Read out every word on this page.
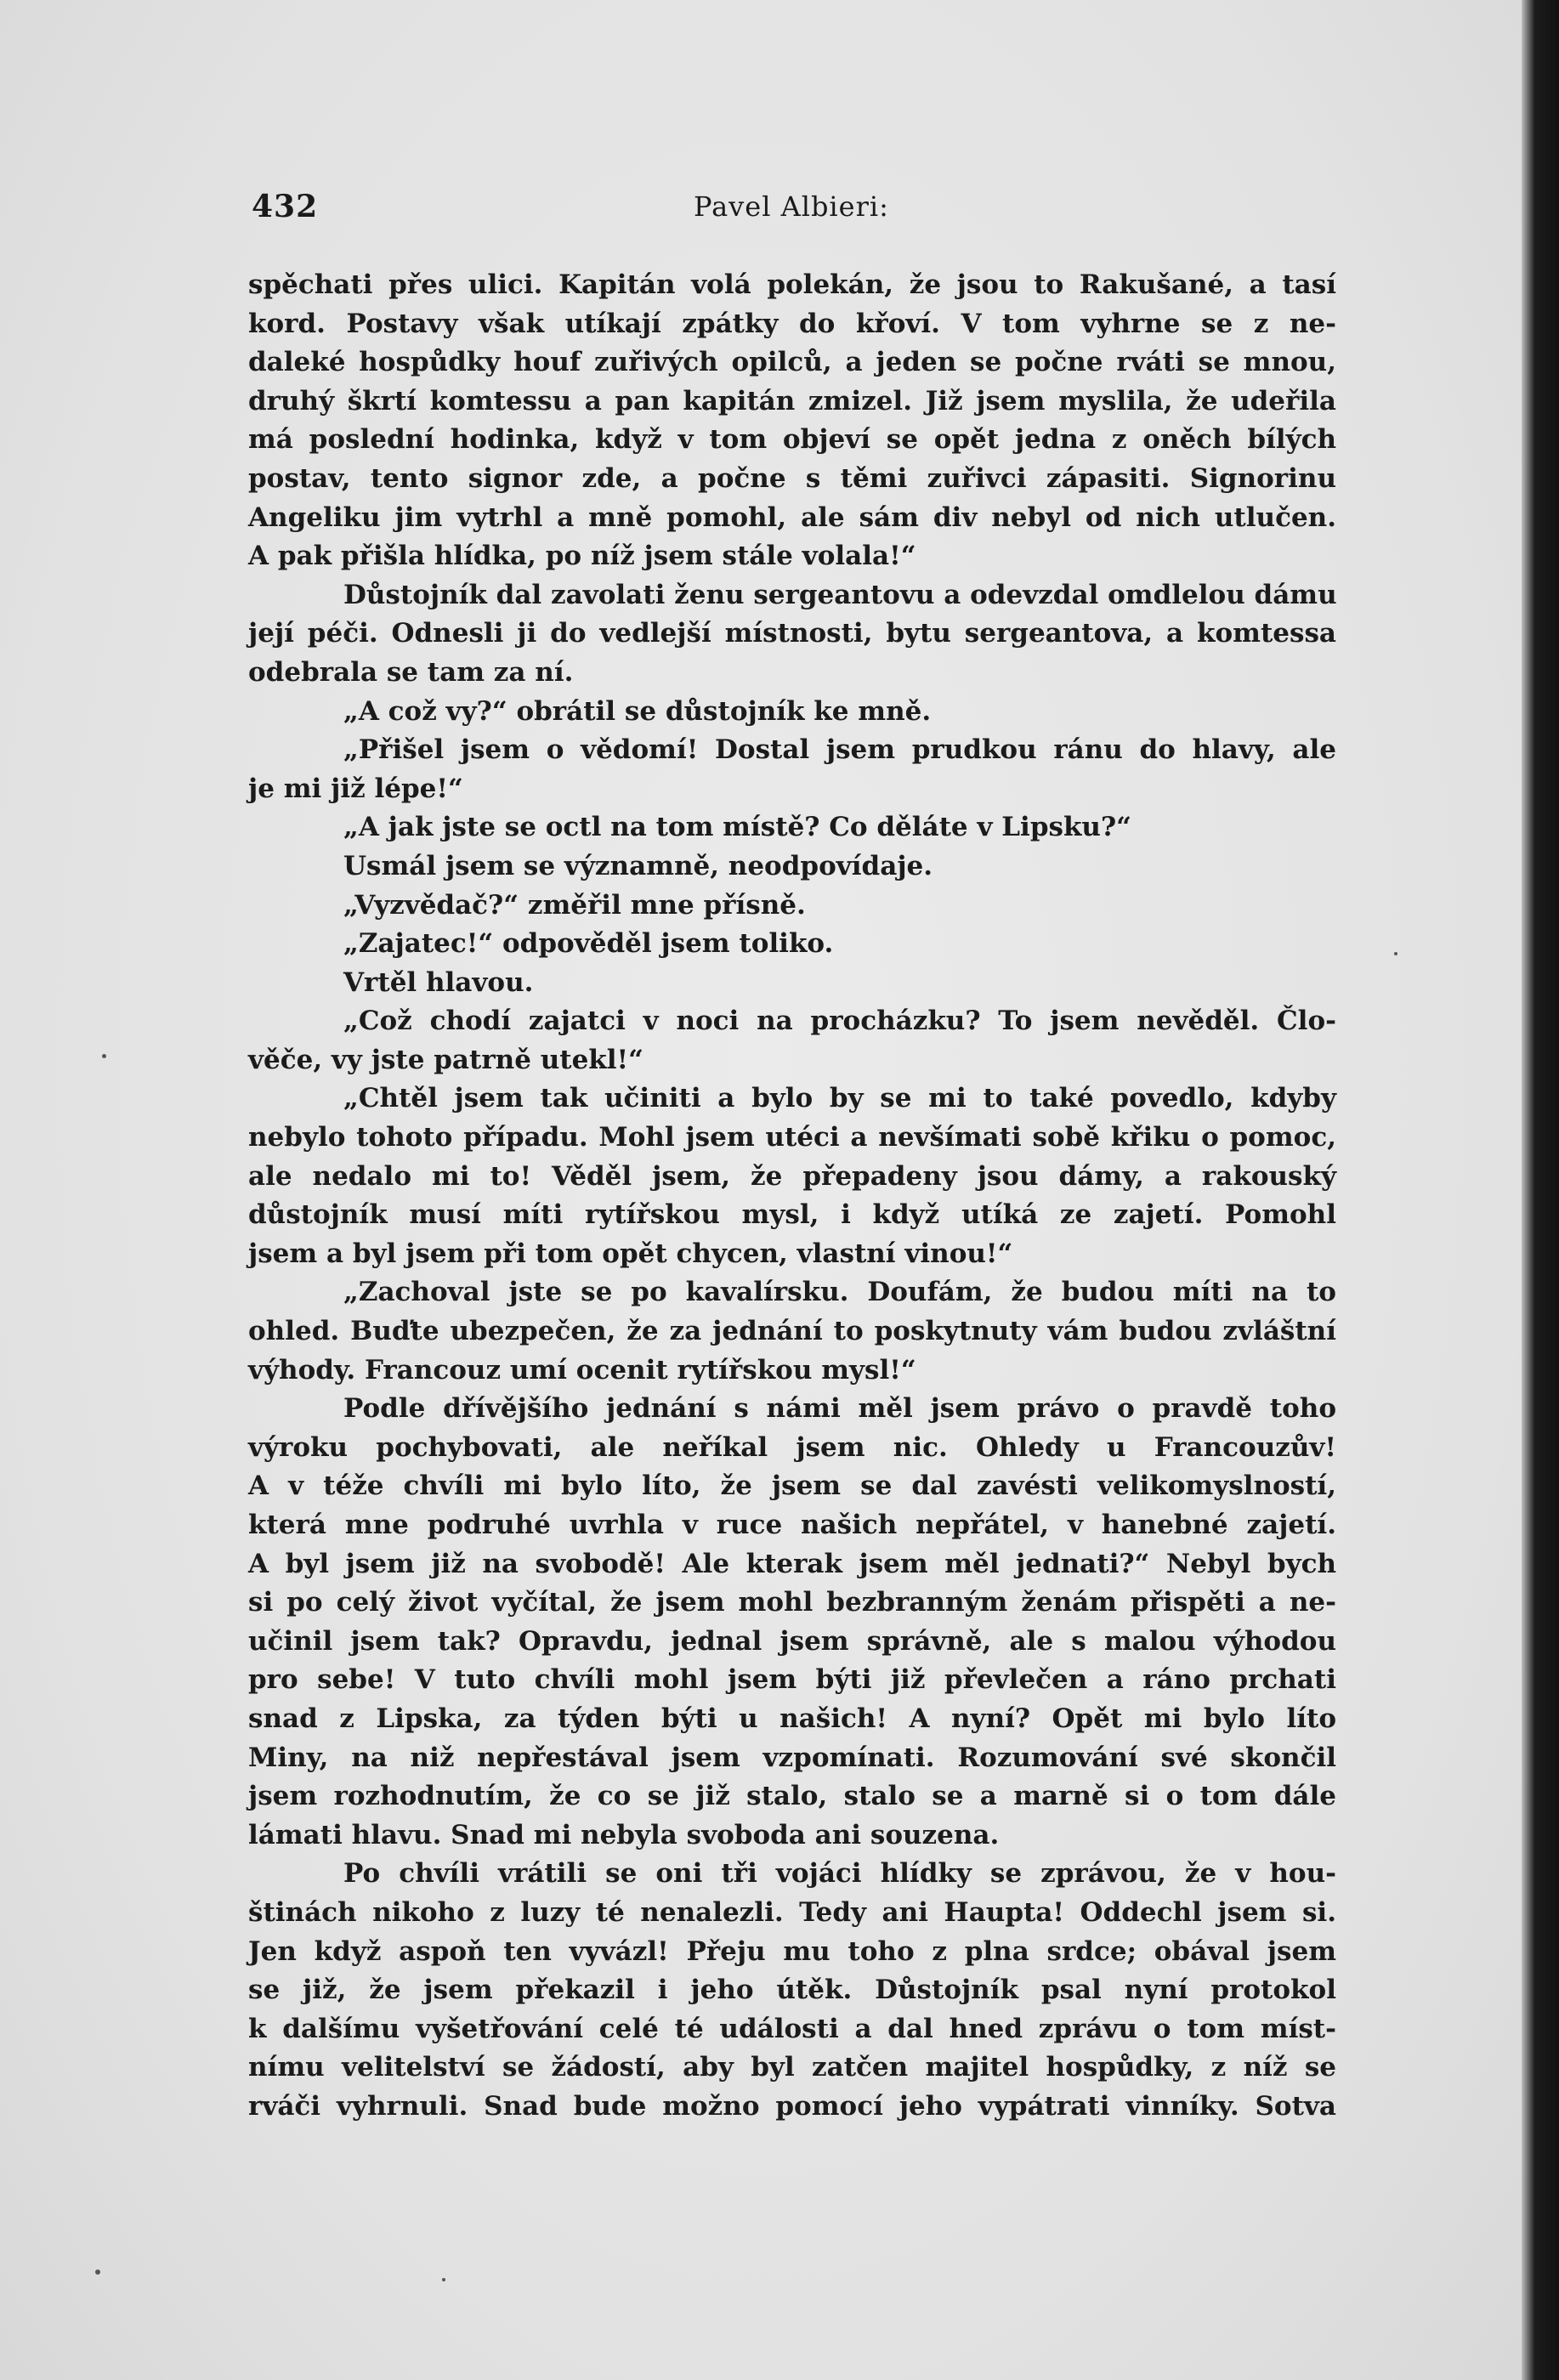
432	Pavel Albieri:
spěchati přes ulici. Kapitán volá polekán, že jsou to Rakušané, a tasí
kord. Postavy však utíkají zpátky do křoví. V tom vyhrne se z ne-
daleké hospůdky houf zuřivých opilců, a jeden se počne rváti se mnou,
druhý škrtí komtessu a pan kapitán zmizel. Již jsem myslila, že udeřila
má poslední hodinka, když v tom objeví se opět jedna z oněch bílých
postav, tento signor zde, a počne s těmi zuřivci zápasiti. Signorinu
Angeliku jim vytrhl a mně pomohl, ale sám div nebyl od nich utlučen.
A pak přišla hlídka, po níž jsem stále volala!“
Důstojník dal zavolati ženu sergeantovu a odevzdal omdlelou dámu
její péči. Odnesli ji do vedlejší místnosti, bytu sergeantova, a komtessa
odebrala se tam za ní.
„A což vy?“ obrátil se důstojník ke mně.
„Přišel jsem o vědomí! Dostal jsem prudkou ránu do hlavy, ale
je mi již lépe!“
„A jak jste se octl na tom místě? Co děláte v Lipsku?“
Usmál jsem se významně, neodpovídaje.
„Vyzvědač?“ změřil mne přísně.
„Zajatec!“ odpověděl jsem toliko.
Vrtěl hlavou.
„Což chodí zajatci v noci na procházku? To jsem nevěděl. Člo-
věče, vy jste patrně utekl!“
„Chtěl jsem tak učiniti a bylo by se mi to také povedlo, kdyby
nebylo tohoto případu. Mohl jsem utéci a nevšímati sobě křiku o pomoc,
ale nedalo mi to! Věděl jsem, že přepadeny jsou dámy, a rakouský
důstojník musí míti rytířskou mysl, i když utíká ze zajetí. Pomohl
jsem a byl jsem při tom opět chycen, vlastní vinou!“
„Zachoval jste se po kavalírsku. Doufám, že budou míti na to
ohled. Buďte ubezpečen, že za jednání to poskytnuty vám budou zvláštní
výhody. Francouz umí ocenit rytířskou mysl!“
Podle dřívějšího jednání s námi měl jsem právo o pravdě toho
výroku pochybovati, ale neříkal jsem nic. Ohledy u Francouzův!
A v téže chvíli mi bylo líto, že jsem se dal zavésti velikomyslností,
která mne podruhé uvrhla v ruce našich nepřátel, v hanebné zajetí.
A byl jsem již na svobodě! Ale kterak jsem měl jednati?“ Nebyl bych
si po celý život vyčítal, že jsem mohl bezbranným ženám přispěti a ne-
učinil jsem tak? Opravdu, jednal jsem správně, ale s malou výhodou
pro sebe! V tuto chvíli mohl jsem býti již převlečen a ráno prchati
snad z Lipska, za týden býti u našich! A nyní? Opět mi bylo líto
Miny, na niž nepřestával jsem vzpomínati. Rozumování své skončil
jsem rozhodnutím, že co se již stalo, stalo se a marně si o tom dále
lámati hlavu. Snad mi nebyla svoboda ani souzena.
Po chvíli vrátili se oni tři vojáci hlídky se zprávou, že v hou-
štinách nikoho z luzy té nenalezli. Tedy ani Haupta! Oddechl jsem si.
Jen když aspoň ten vyvázl! Přeju mu toho z plna srdce; obával jsem
se již, že jsem překazil i jeho útěk. Důstojník psal nyní protokol
k dalšímu vyšetřování celé té události a dal hned zprávu o tom míst-
nímu velitelství se žádostí, aby byl zatčen majitel hospůdky, z níž se
rváči vyhrnuli. Snad bude možno pomocí jeho vypátrati vinníky. Sotva
